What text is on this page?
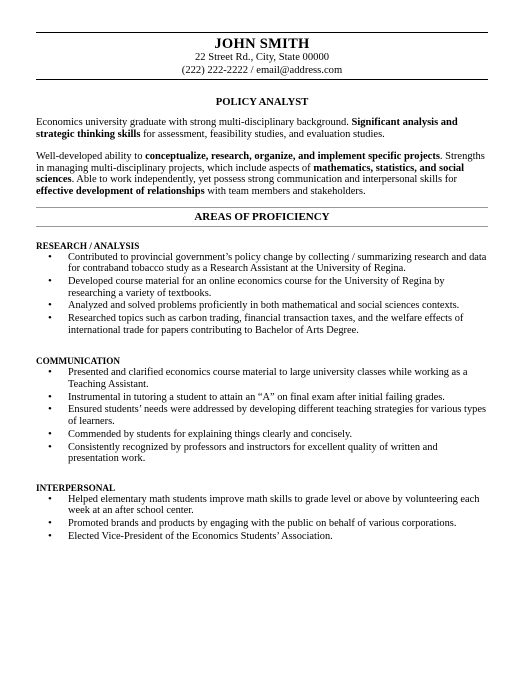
JOHN SMITH
22 Street Rd., City, State 00000
(222) 222-2222 / email@address.com
POLICY ANALYST

Economics university graduate with strong multi-disciplinary background. Significant analysis and strategic thinking skills for assessment, feasibility studies, and evaluation studies.

Well-developed ability to conceptualize, research, organize, and implement specific projects. Strengths in managing multi-disciplinary projects, which include aspects of mathematics, statistics, and social sciences. Able to work independently, yet possess strong communication and interpersonal skills for effective development of relationships with team members and stakeholders.

AREAS OF PROFICIENCY
RESEARCH / ANALYSIS
• Contributed to provincial government’s policy change by collecting / summarizing research and data for contraband tobacco study as a Research Assistant at the University of Regina.
• Developed course material for an online economics course for the University of Regina by researching a variety of textbooks.
• Analyzed and solved problems proficiently in both mathematical and social sciences contexts.
• Researched topics such as carbon trading, financial transaction taxes, and the welfare effects of international trade for papers contributing to Bachelor of Arts Degree.
COMMUNICATION
• Presented and clarified economics course material to large university classes while working as a Teaching Assistant.
• Instrumental in tutoring a student to attain an “A” on final exam after initial failing grades.
• Ensured students’ needs were addressed by developing different teaching strategies for various types of learners.
• Commended by students for explaining things clearly and concisely.
• Consistently recognized by professors and instructors for excellent quality of written and presentation work.
INTERPERSONAL
• Helped elementary math students improve math skills to grade level or above by volunteering each week at an after school center.
• Promoted brands and products by engaging with the public on behalf of various corporations.
• Elected Vice-President of the Economics Students’ Association.
